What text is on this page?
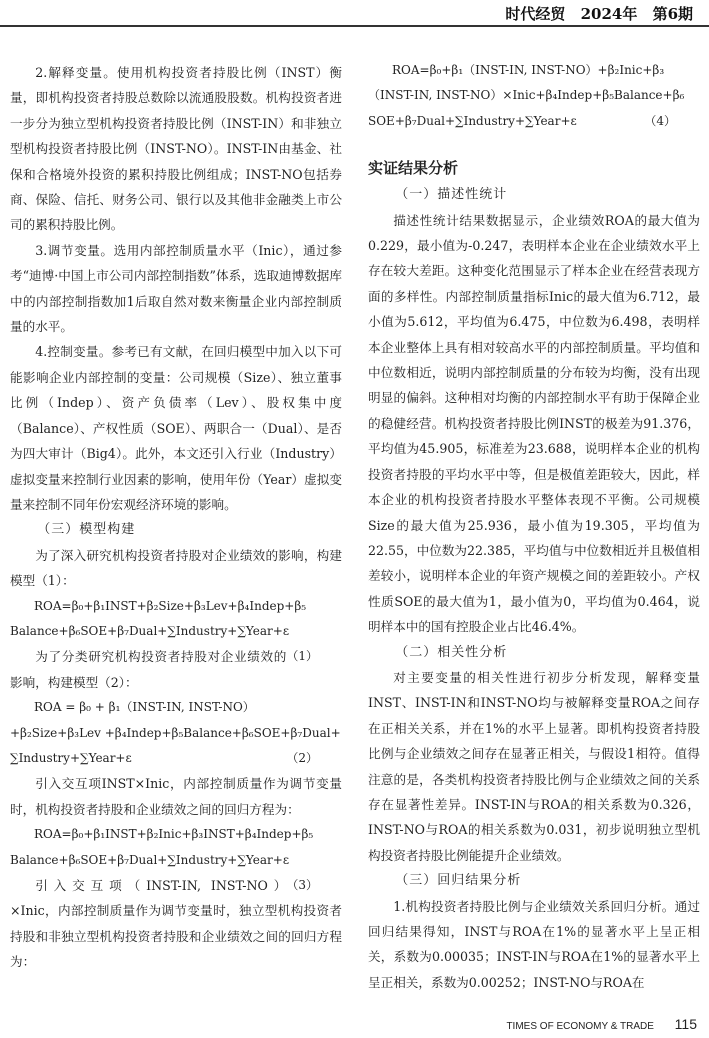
时代经贸 2024年 第6期

2.解释变量。使用机构投资者持股比例（INST）衡量，即机构投资者持股总数除以流通股股数。机构投资者进一步分为独立型机构投资者持股比例（INST-IN）和非独立型机构投资者持股比例（INST-NO）。INST-IN由基金、社保和合格境外投资的累积持股比例组成；INST-NO包括券商、保险、信托、财务公司、银行以及其他非金融类上市公司的累积持股比例。

3.调节变量。选用内部控制质量水平（Inic），通过参考“迪博·中国上市公司内部控制指数”体系，选取迪博数据库中的内部控制指数加1后取自然对数来衡量企业内部控制质量的水平。

4.控制变量。参考已有文献，在回归模型中加入以下可能影响企业内部控制的变量：公司规模（Size）、独立董事比例（Indep）、资产负债率（Lev）、股权集中度（Balance）、产权性质（SOE）、两职合一（Dual）、是否为四大审计（Big4）。此外，本文还引入行业（Industry）虚拟变量来控制行业因素的影响，使用年份（Year）虚拟变量来控制不同年份宏观经济环境的影响。

（三）模型构建

为了深入研究机构投资者持股对企业绩效的影响，构建模型（1）：

ROA=β₀+β₁INST+β₂Size+β₃Lev+β₄Indep+β₅

Balance+β₆SOE+β₇Dual+∑Industry+∑Year+ε
（1）

为了分类研究机构投资者持股对企业绩效的影响，构建模型（2）：

ROA = β₀ + β₁（INST-IN, INST-NO）

+β₂Size+β₃Lev +β₄Indep+β₅Balance+β₆SOE+β₇Dual+

∑Industry+∑Year+ε	（2）

引入交互项INST×Inic，内部控制质量作为调节变量时，机构投资者持股和企业绩效之间的回归方程为：

ROA=β₀+β₁INST+β₂Inic+β₃INST+β₄Indep+β₅

Balance+β₆SOE+β₇Dual+∑Industry+∑Year+ε
（3）

引入交互项（INST-IN, INST-NO）×Inic，内部控制质量作为调节变量时，独立型机构投资者持股和非独立型机构投资者持股和企业绩效之间的回归方程为：

ROA=β₀+β₁（INST-IN, INST-NO）+β₂Inic+β₃

（INST-IN, INST-NO）×Inic+β₄Indep+β₅Balance+β₆

SOE+β₇Dual+∑Industry+∑Year+ε	（4）

实证结果分析
（一）描述性统计

描述性统计结果数据显示，企业绩效ROA的最大值为0.229，最小值为-0.247，表明样本企业在企业绩效水平上存在较大差距。这种变化范围显示了样本企业在经营表现方面的多样性。内部控制质量指标Inic的最大值为6.712，最小值为5.612，平均值为6.475，中位数为6.498，表明样本企业整体上具有相对较高水平的内部控制质量。平均值和中位数相近，说明内部控制质量的分布较为均衡，没有出现明显的偏斜。这种相对均衡的内部控制水平有助于保障企业的稳健经营。机构投资者持股比例INST的极差为91.376，平均值为45.905，标准差为23.688，说明样本企业的机构投资者持股的平均水平中等，但是极值差距较大，因此，样本企业的机构投资者持股水平整体表现不平衡。公司规模Size的最大值为25.936，最小值为19.305，平均值为22.55，中位数为22.385，平均值与中位数相近并且极值相差较小，说明样本企业的年资产规模之间的差距较小。产权性质SOE的最大值为1，最小值为0，平均值为0.464，说明样本中的国有控股企业占比46.4%。

（二）相关性分析

对主要变量的相关性进行初步分析发现，解释变量INST、INST-IN和INST-NO均与被解释变量ROA之间存在正相关关系，并在1%的水平上显著。即机构投资者持股比例与企业绩效之间存在显著正相关，与假设1相符。值得注意的是，各类机构投资者持股比例与企业绩效之间的关系存在显著性差异。INST-IN与ROA的相关系数为0.326，INST-NO与ROA的相关系数为0.031，初步说明独立型机构投资者持股比例能提升企业绩效。

（三）回归结果分析

1.机构投资者持股比例与企业绩效关系回归分析。通过回归结果得知，INST与ROA在1%的显著水平上呈正相关，系数为0.00035；INST-IN与ROA在1%的显著水平上呈正相关，系数为0.00252；INST-NO与ROA在

TIMES OF ECONOMY & TRADE 115
